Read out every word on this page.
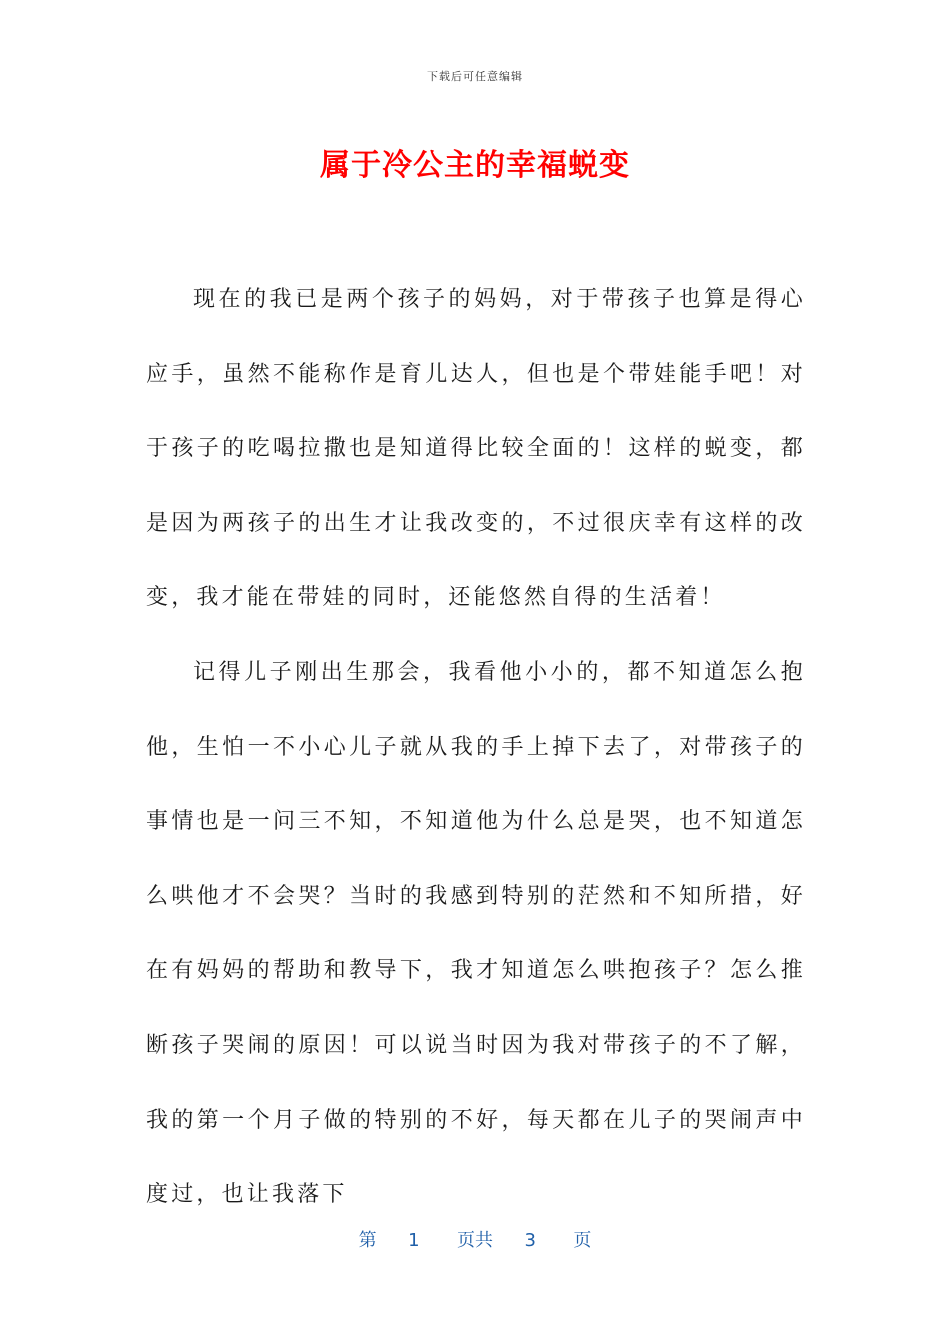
下载后可任意编辑
属于冷公主的幸福蜕变

现在的我已是两个孩子的妈妈，对于带孩子也算是得心应手，虽然不能称作是育儿达人，但也是个带娃能手吧！对于孩子的吃喝拉撒也是知道得比较全面的！这样的蜕变，都是因为两孩子的出生才让我改变的，不过很庆幸有这样的改变，我才能在带娃的同时，还能悠然自得的生活着！

记得儿子刚出生那会，我看他小小的，都不知道怎么抱他，生怕一不小心儿子就从我的手上掉下去了，对带孩子的事情也是一问三不知，不知道他为什么总是哭，也不知道怎么哄他才不会哭？当时的我感到特别的茫然和不知所措，好在有妈妈的帮助和教导下，我才知道怎么哄抱孩子？怎么推断孩子哭闹的原因！可以说当时因为我对带孩子的不了解，我的第一个月子做的特别的不好，每天都在儿子的哭闹声中度过，也让我落下

第 1 页共 3 页
